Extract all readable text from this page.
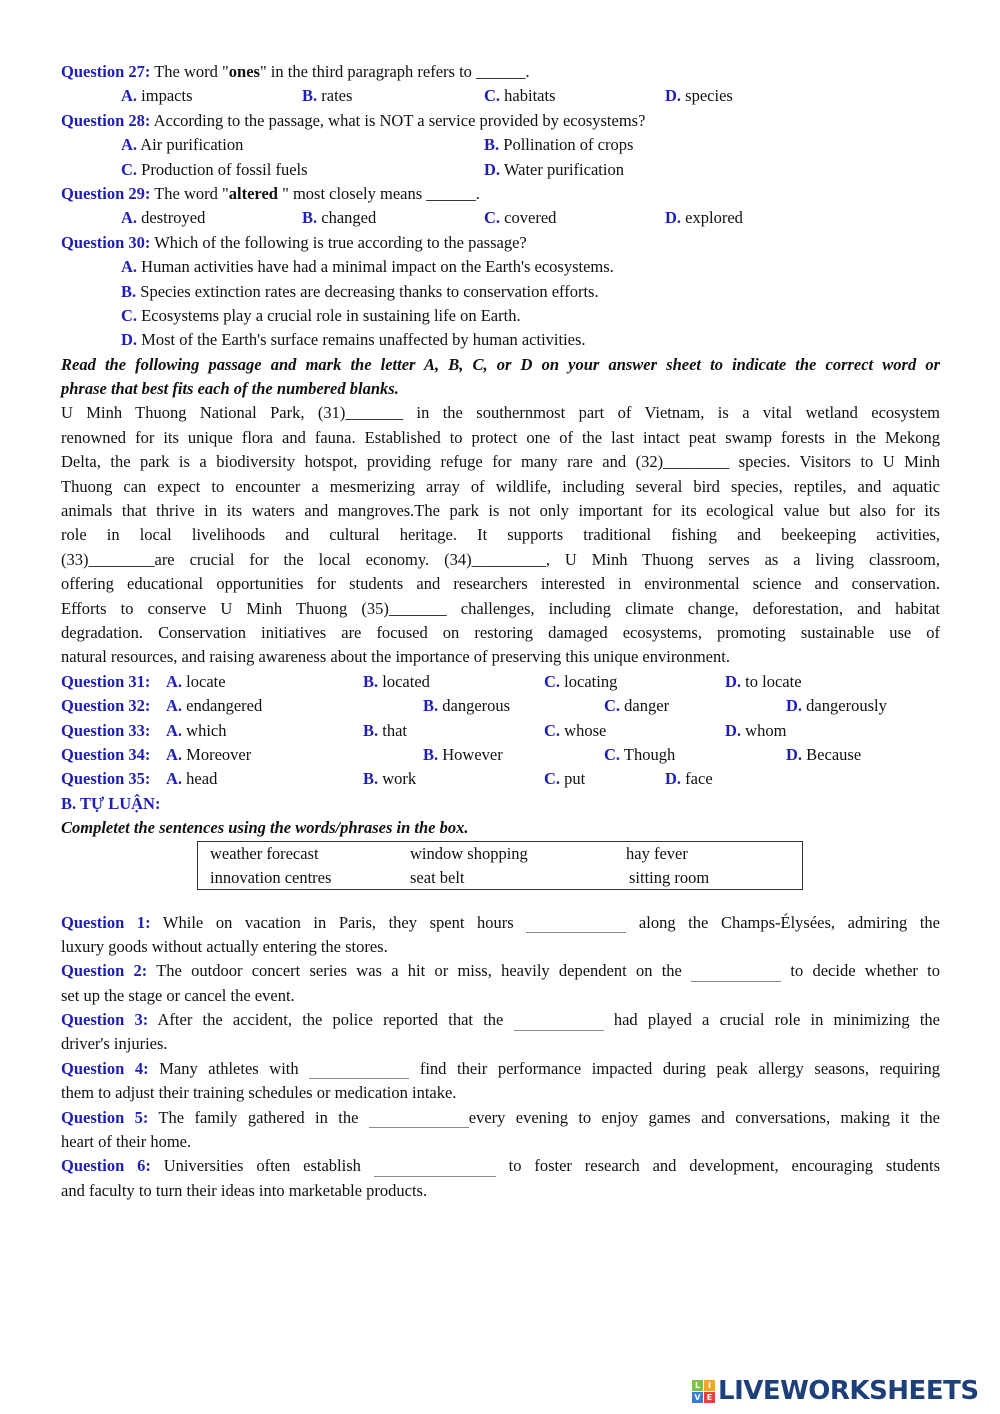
Question 27: The word "ones" in the third paragraph refers to ______.
A. impacts	B. rates	C. habitats	D. species
Question 28: According to the passage, what is NOT a service provided by ecosystems?
A. Air purification	B. Pollination of crops
C. Production of fossil fuels	D. Water purification
Question 29: The word "altered " most closely means ______.
A. destroyed	B. changed	C. covered	D. explored
Question 30: Which of the following is true according to the passage?
A. Human activities have had a minimal impact on the Earth's ecosystems.
B. Species extinction rates are decreasing thanks to conservation efforts.
C. Ecosystems play a crucial role in sustaining life on Earth.
D. Most of the Earth's surface remains unaffected by human activities.
Read the following passage and mark the letter A, B, C, or D on your answer sheet to indicate the correct word or
phrase that best fits each of the numbered blanks.
U Minh Thuong National Park, (31)_______ in the southernmost part of Vietnam, is a vital wetland ecosystem
renowned for its unique flora and fauna. Established to protect one of the last intact peat swamp forests in the Mekong
Delta, the park is a biodiversity hotspot, providing refuge for many rare and (32)________ species. Visitors to U Minh
Thuong can expect to encounter a mesmerizing array of wildlife, including several bird species, reptiles, and aquatic
animals that thrive in its waters and mangroves.The park is not only important for its ecological value but also for its
role in local livelihoods and cultural heritage. It supports traditional fishing and beekeeping activities,
(33)________are crucial for the local economy. (34)_________, U Minh Thuong serves as a living classroom,
offering educational opportunities for students and researchers interested in environmental science and conservation.
Efforts to conserve U Minh Thuong (35)_______ challenges, including climate change, deforestation, and habitat
degradation. Conservation initiatives are focused on restoring damaged ecosystems, promoting sustainable use of
natural resources, and raising awareness about the importance of preserving this unique environment.
Question 31: A. locate	B. located	C. locating	D. to locate
Question 32: A. endangered	B. dangerous	C. danger	D. dangerously
Question 33: A. which	B. that	C. whose	D. whom
Question 34: A. Moreover	B. However	C. Though	D. Because
Question 35: A. head	B. work	C. put	D. face
B. TỰ LUẬN:
Completet the sentences using the words/phrases in the box.
weather forecast	window shopping	hay fever
innovation centres	seat belt	sitting room
Question 1: While on vacation in Paris, they spent hours	along the Champs-Élysées, admiring the
luxury goods without actually entering the stores.
Question 2: The outdoor concert series was a hit or miss, heavily dependent on the	to decide whether to
set up the stage or cancel the event.
Question 3: After the accident, the police reported that the	had played a crucial role in minimizing the
driver's injuries.
Question 4: Many athletes with	find their performance impacted during peak allergy seasons, requiring
them to adjust their training schedules or medication intake.
Question 5: The family gathered in the	every evening to enjoy games and conversations, making it the
heart of their home.
Question 6: Universities often establish	to foster research and development, encouraging students
and faculty to turn their ideas into marketable products.
L I
V E LIVEWORKSHEETS
